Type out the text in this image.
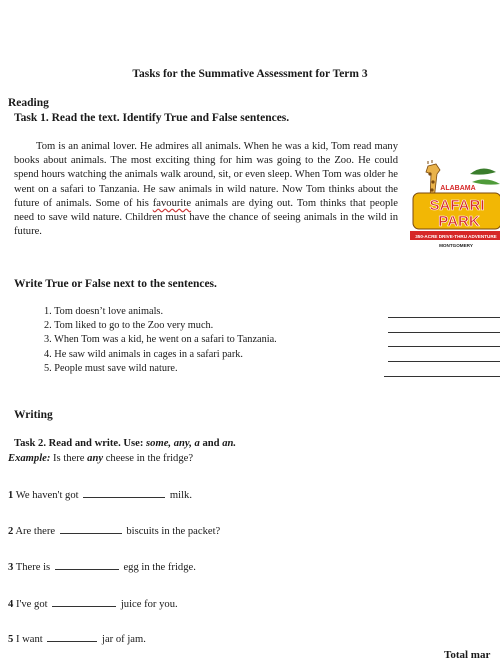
Tasks for the Summative Assessment for Term 3
Reading
Task 1. Read the text. Identify True and False sentences.
Tom is an animal lover. He admires all animals. When he was a kid, Tom read many books about animals. The most exciting thing for him was going to the Zoo. He could spend hours watching the animals walk around, sit, or even sleep. When Tom was older he went on a safari to Tanzania. He saw animals in wild nature. Now Tom thinks about the future of animals. Some of his favourite animals are dying out. Tom thinks that people need to save wild nature. Children must have the chance of seeing animals in the wild in future.
ALABAMA
SAFARI
PARK
350-ACRE DRIVE-THRU ADVENTURE
MONTGOMERY
Write True or False next to the sentences.
1. Tom doesn’t love animals.
2. Tom liked to go to the Zoo very much.
3. When Tom was a kid, he went on a safari to Tanzania.
4. He saw wild animals in cages in a safari park.
5. People must save wild nature.
Writing
Task 2. Read and write. Use: some, any, a and an.
Example: Is there any cheese in the fridge?
1 We haven't got	milk.
2 Are there	biscuits in the packet?
3 There is	egg in the fridge.
4 I've got	juice for you.
5 I want	jar of jam.
Total mar
